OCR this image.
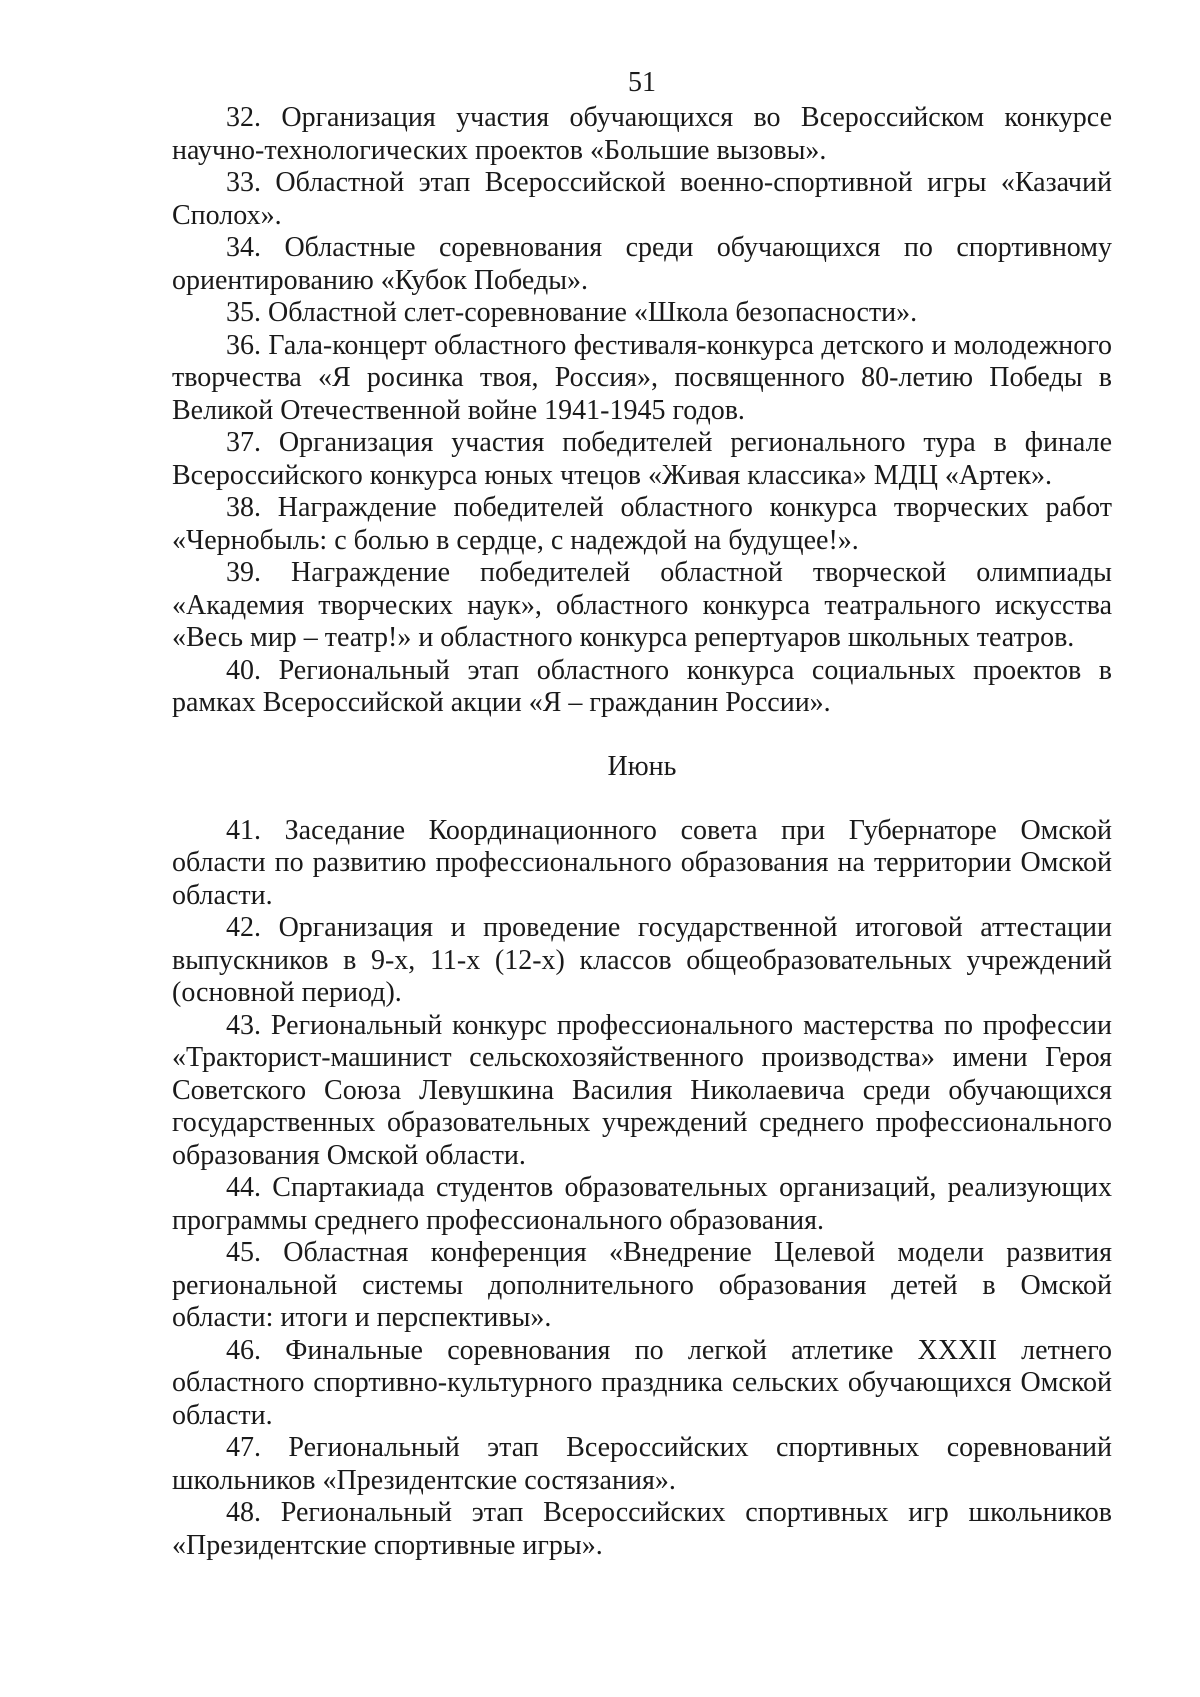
51

32. Организация участия обучающихся во Всероссийском конкурсе научно-технологических проектов «Большие вызовы».

33. Областной этап Всероссийской военно-спортивной игры «Казачий Сполох».

34. Областные соревнования среди обучающихся по спортивному ориентированию «Кубок Победы».

35. Областной слет-соревнование «Школа безопасности».

36. Гала-концерт областного фестиваля-конкурса детского и молодежного творчества «Я росинка твоя, Россия», посвященного 80-летию Победы в Великой Отечественной войне 1941-1945 годов.

37. Организация участия победителей регионального тура в финале Всероссийского конкурса юных чтецов «Живая классика» МДЦ «Артек».

38. Награждение победителей областного конкурса творческих работ «Чернобыль: с болью в сердце, с надеждой на будущее!».

39. Награждение победителей областной творческой олимпиады «Академия творческих наук», областного конкурса театрального искусства «Весь мир – театр!» и областного конкурса репертуаров школьных театров.

40. Региональный этап областного конкурса социальных проектов в рамках Всероссийской акции «Я – гражданин России».

Июнь

41. Заседание Координационного совета при Губернаторе Омской области по развитию профессионального образования на территории Омской области.

42. Организация и проведение государственной итоговой аттестации выпускников в 9-х, 11-х (12-х) классов общеобразовательных учреждений (основной период).

43. Региональный конкурс профессионального мастерства по профессии «Тракторист-машинист сельскохозяйственного производства» имени Героя Советского Союза Левушкина Василия Николаевича среди обучающихся государственных образовательных учреждений среднего профессионального образования Омской области.

44. Спартакиада студентов образовательных организаций, реализующих программы среднего профессионального образования.

45. Областная конференция «Внедрение Целевой модели развития региональной системы дополнительного образования детей в Омской области: итоги и перспективы».

46. Финальные соревнования по легкой атлетике XXXII летнего областного спортивно-культурного праздника сельских обучающихся Омской области.

47. Региональный этап Всероссийских спортивных соревнований школьников «Президентские состязания».

48. Региональный этап Всероссийских спортивных игр школьников «Президентские спортивные игры».
